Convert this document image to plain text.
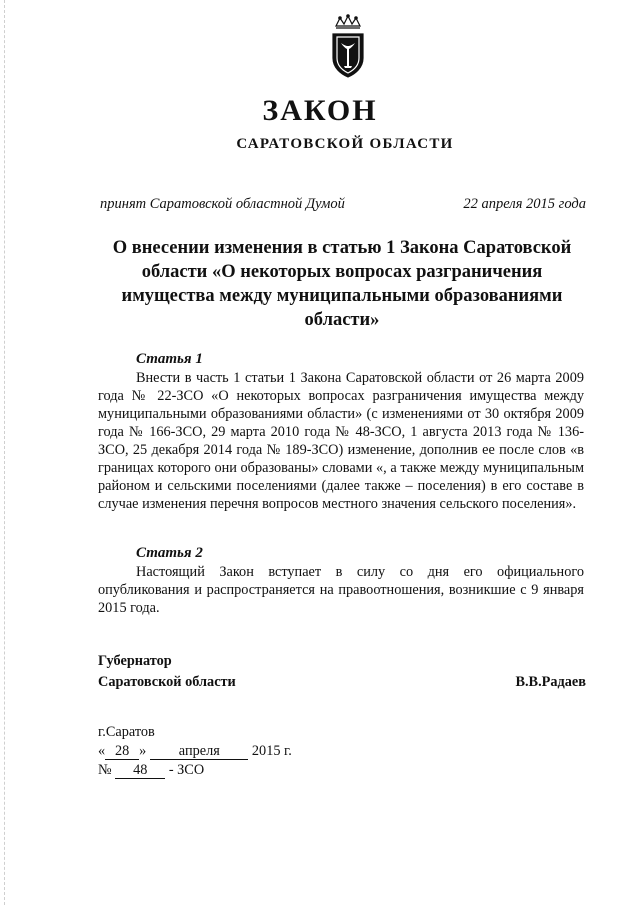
ЗАКОН
САРАТОВСКОЙ ОБЛАСТИ
принят Саратовской областной Думой	22 апреля 2015 года
О внесении изменения в статью 1 Закона Саратовской области «О некоторых вопросах разграничения имущества между муниципальными образованиями области»
Статья 1
Внести в часть 1 статьи 1 Закона Саратовской области от 26 марта 2009 года № 22-ЗСО «О некоторых вопросах разграничения имущества между муниципальными образованиями области» (с изменениями от 30 октября 2009 года № 166-ЗСО, 29 марта 2010 года № 48-ЗСО, 1 августа 2013 года № 136-ЗСО, 25 декабря 2014 года № 189-ЗСО) изменение, дополнив ее после слов «в границах которого они образованы» словами «, а также между муниципальным районом и сельскими поселениями (далее также – поселения) в его составе в случае изменения перечня вопросов местного значения сельского поселения».
Статья 2
Настоящий Закон вступает в силу со дня его официального опубликования и распространяется на правоотношения, возникшие с 9 января 2015 года.
Губернатор
Саратовской области	В.В.Радаев
г.Саратов
« 28 » апреля 2015 г.
№ 48 - ЗСО
